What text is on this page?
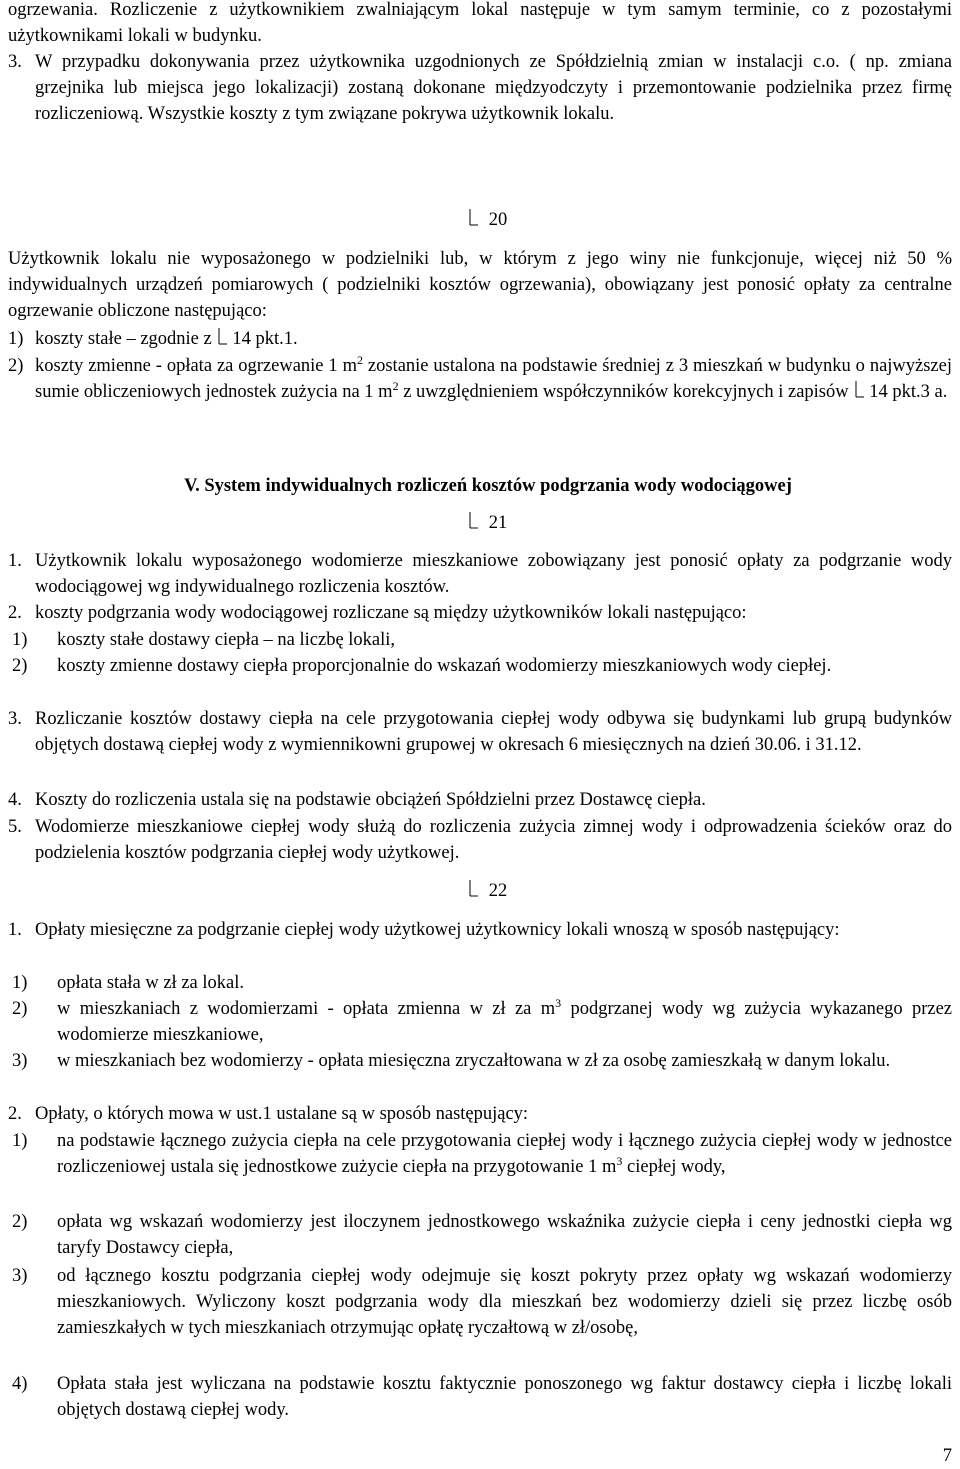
ogrzewania. Rozliczenie z użytkownikiem zwalniającym lokal następuje w tym samym terminie, co z pozostałymi użytkownikami lokali w budynku.

3. W przypadku dokonywania przez użytkownika uzgodnionych ze Spółdzielnią zmian w instalacji c.o. ( np. zmiana grzejnika lub miejsca jego lokalizacji) zostaną dokonane międzyodczyty i przemontowanie podzielnika przez firmę rozliczeniową. Wszystkie koszty z tym związane pokrywa użytkownik lokalu.
20

Użytkownik lokalu nie wyposażonego w podzielniki lub, w którym z jego winy nie funkcjonuje, więcej niż 50 % indywidualnych urządzeń pomiarowych ( podzielniki kosztów ogrzewania), obowiązany jest ponosić opłaty za centralne ogrzewanie obliczone następująco:

1) koszty stałe – zgodnie z 14 pkt.1.
2) koszty zmienne - opłata za ogrzewanie 1 $m^2$ zostanie ustalona na podstawie średniej z 3 mieszkań w budynku o najwyższej sumie obliczeniowych jednostek zużycia na 1 $m^2$ z uwzględnieniem współczynników korekcyjnych i zapisów 14 pkt.3 a.
V. System indywidualnych rozliczeń kosztów podgrzania wody wodociągowej
21
1. Użytkownik lokalu wyposażonego wodomierze mieszkaniowe zobowiązany jest ponosić opłaty za podgrzanie wody wodociągowej wg indywidualnego rozliczenia kosztów.
2. koszty podgrzania wody wodociągowej rozliczane są między użytkowników lokali następująco:
1)	koszty stałe dostawy ciepła – na liczbę lokali,
2)	koszty zmienne dostawy ciepła proporcjonalnie do wskazań wodomierzy mieszkaniowych wody ciepłej.
3. Rozliczanie kosztów dostawy ciepła na cele przygotowania ciepłej wody odbywa się budynkami lub grupą budynków objętych dostawą ciepłej wody z wymiennikowni grupowej w okresach 6 miesięcznych na dzień 30.06. i 31.12.
4. Koszty do rozliczenia ustala się na podstawie obciążeń Spółdzielni przez Dostawcę ciepła.
5. Wodomierze mieszkaniowe ciepłej wody służą do rozliczenia zużycia zimnej wody i odprowadzenia ścieków oraz do podzielenia kosztów podgrzania ciepłej wody użytkowej.
22
1. Opłaty miesięczne za podgrzanie ciepłej wody użytkowej użytkownicy lokali wnoszą w sposób następujący:
1)	opłata stała w zł za lokal.
2)	w mieszkaniach z wodomierzami - opłata zmienna w zł za $m^3$ podgrzanej wody wg zużycia wykazanego przez wodomierze mieszkaniowe,
3)	w mieszkaniach bez wodomierzy - opłata miesięczna zryczałtowana w zł za osobę zamieszkałą w danym lokalu.
2. Opłaty, o których mowa w ust.1 ustalane są w sposób następujący:
1)	na podstawie łącznego zużycia ciepła na cele przygotowania ciepłej wody i łącznego zużycia ciepłej wody w jednostce rozliczeniowej ustala się jednostkowe zużycie ciepła na przygotowanie 1 $m^3$ ciepłej wody,
2)	opłata wg wskazań wodomierzy jest iloczynem jednostkowego wskaźnika zużycie ciepła i ceny jednostki ciepła wg taryfy Dostawcy ciepła,
3)	od łącznego kosztu podgrzania ciepłej wody odejmuje się koszt pokryty przez opłaty wg wskazań wodomierzy mieszkaniowych. Wyliczony koszt podgrzania wody dla mieszkań bez wodomierzy dzieli się przez liczbę osób zamieszkałych w tych mieszkaniach otrzymując opłatę ryczałtową w zł/osobę,
4)	Opłata stała jest wyliczana na podstawie kosztu faktycznie ponoszonego wg faktur dostawcy ciepła i liczbę lokali objętych dostawą ciepłej wody.
7
